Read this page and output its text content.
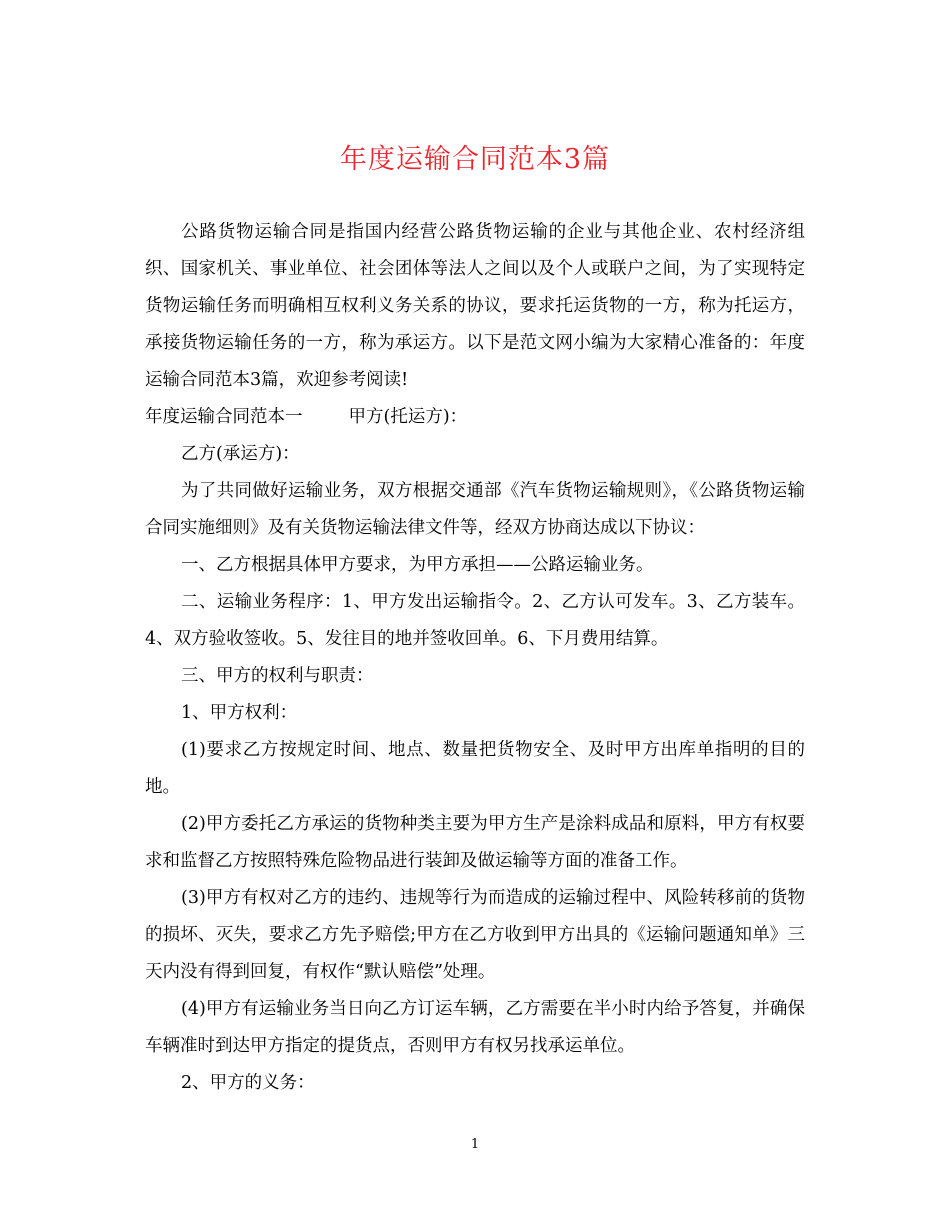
年度运输合同范本3篇

公路货物运输合同是指国内经营公路货物运输的企业与其他企业、农村经济组织、国家机关、事业单位、社会团体等法人之间以及个人或联户之间，为了实现特定货物运输任务而明确相互权利义务关系的协议，要求托运货物的一方，称为托运方，承接货物运输任务的一方，称为承运方。以下是范文网小编为大家精心准备的：年度运输合同范本3篇，欢迎参考阅读!

年度运输合同范本一	甲方(托运方)：

乙方(承运方)：

为了共同做好运输业务，双方根据交通部《汽车货物运输规则》，《公路货物运输合同实施细则》及有关货物运输法律文件等，经双方协商达成以下协议：

一、乙方根据具体甲方要求，为甲方承担——公路运输业务。

二、运输业务程序：1、甲方发出运输指令。2、乙方认可发车。3、乙方装车。4、双方验收签收。5、发往目的地并签收回单。6、下月费用结算。

三、甲方的权利与职责：

1、甲方权利：

(1)要求乙方按规定时间、地点、数量把货物安全、及时甲方出库单指明的目的地。

(2)甲方委托乙方承运的货物种类主要为甲方生产是涂料成品和原料，甲方有权要求和监督乙方按照特殊危险物品进行装卸及做运输等方面的准备工作。

(3)甲方有权对乙方的违约、违规等行为而造成的运输过程中、风险转移前的货物的损坏、灭失，要求乙方先予赔偿;甲方在乙方收到甲方出具的《运输问题通知单》三天内没有得到回复，有权作“默认赔偿”处理。

(4)甲方有运输业务当日向乙方订运车辆，乙方需要在半小时内给予答复，并确保车辆准时到达甲方指定的提货点，否则甲方有权另找承运单位。

2、甲方的义务：

1
